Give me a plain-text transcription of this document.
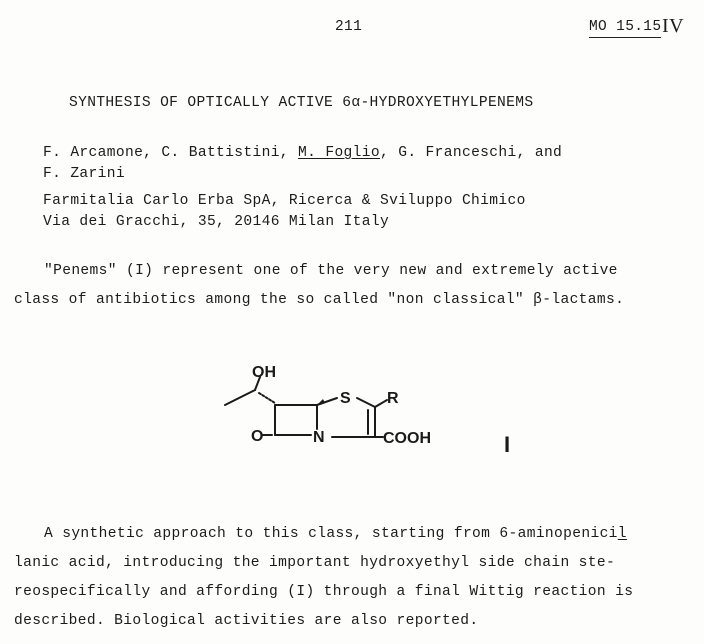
211	MO 15.15 IV
SYNTHESIS OF OPTICALLY ACTIVE 6α-HYDROXYETHYLPENEMS
F. Arcamone, C. Battistini, M. Foglio, G. Franceschi, and
F. Zarini
Farmitalia Carlo Erba SpA, Ricerca & Sviluppo Chimico
Via dei Gracchi, 35, 20146 Milan Italy
"Penems" (I) represent one of the very new and extremely active
class of antibiotics among the so called "non classical" β-lactams.
OH
S R
O	N	COOH	I
A synthetic approach to this class, starting from 6-aminopenicil
lanic acid, introducing the important hydroxyethyl side chain ste-
reospecifically and affording (I) through a final Wittig reaction is
described. Biological activities are also reported.
